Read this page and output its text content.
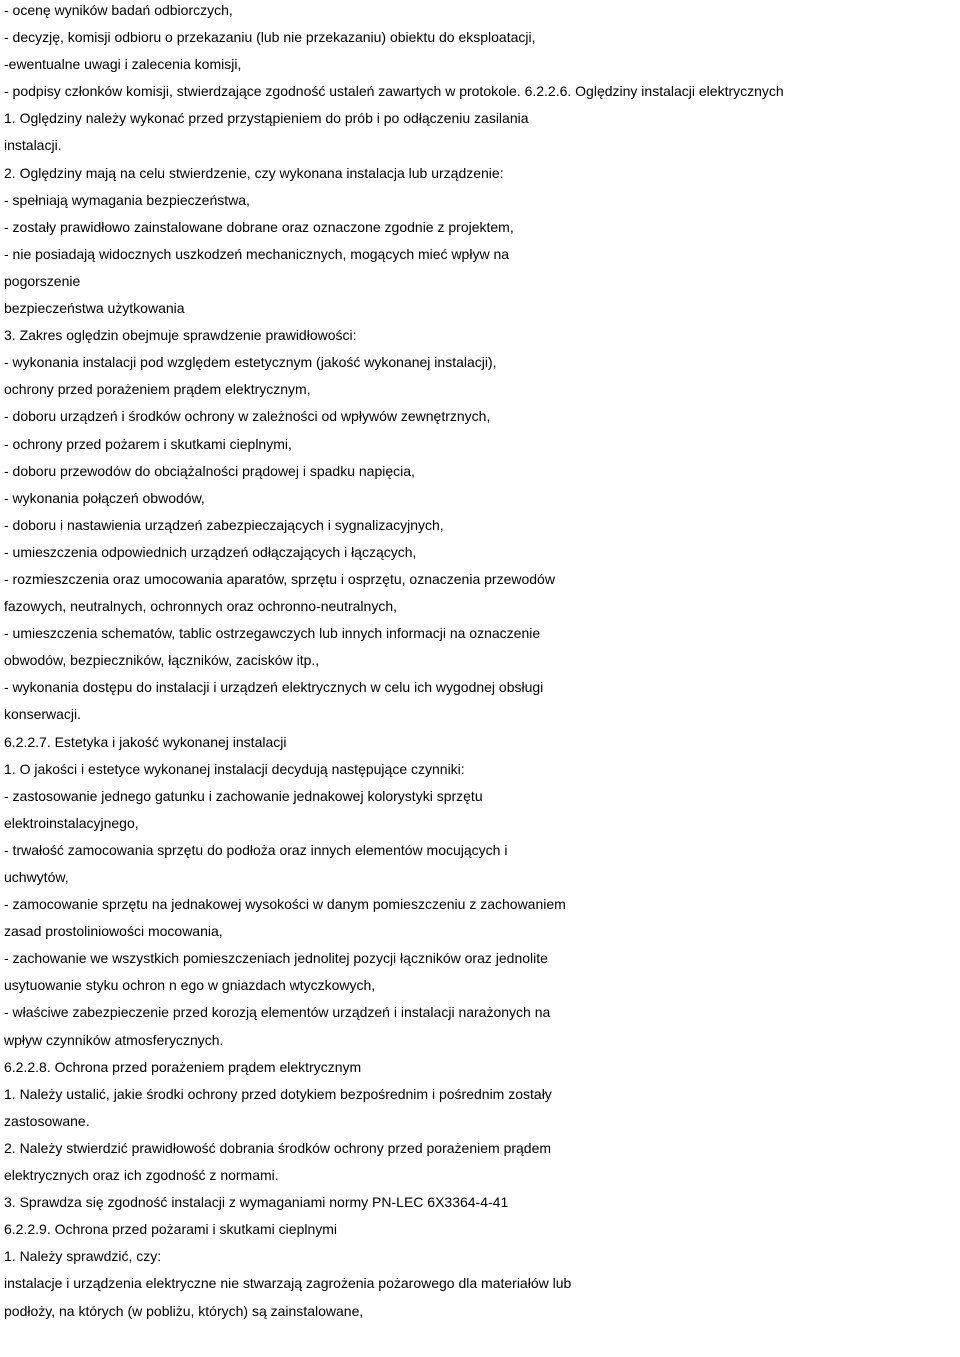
- ocenę wyników badań odbiorczych,
- decyzję, komisji odbioru o przekazaniu (lub nie przekazaniu) obiektu do eksploatacji,
-ewentualne uwagi i zalecenia komisji,
- podpisy członków komisji, stwierdzające zgodność ustaleń zawartych w protokole. 6.2.2.6. Oględziny instalacji elektrycznych
1. Oględziny należy wykonać przed przystąpieniem do prób i po odłączeniu zasilania
instalacji.
2. Oględziny mają na celu stwierdzenie, czy wykonana instalacja lub urządzenie:
- spełniają wymagania bezpieczeństwa,
- zostały prawidłowo zainstalowane dobrane oraz oznaczone zgodnie z projektem,
- nie posiadają widocznych uszkodzeń mechanicznych, mogących mieć wpływ na
pogorszenie
bezpieczeństwa użytkowania
3. Zakres oględzin obejmuje sprawdzenie prawidłowości:
- wykonania instalacji pod względem estetycznym (jakość wykonanej instalacji),
ochrony przed porażeniem prądem elektrycznym,
- doboru urządzeń i środków ochrony w zależności od wpływów zewnętrznych,
- ochrony przed pożarem i skutkami cieplnymi,
- doboru przewodów do obciążalności prądowej i spadku napięcia,
- wykonania połączeń obwodów,
- doboru i nastawienia urządzeń zabezpieczających i sygnalizacyjnych,
- umieszczenia odpowiednich urządzeń odłączających i łączących,
- rozmieszczenia oraz umocowania aparatów, sprzętu i osprzętu, oznaczenia przewodów
fazowych, neutralnych, ochronnych oraz ochronno-neutralnych,
- umieszczenia schematów, tablic ostrzegawczych lub innych informacji na oznaczenie
obwodów, bezpieczników, łączników, zacisków itp.,
- wykonania dostępu do instalacji i urządzeń elektrycznych w celu ich wygodnej obsługi
konserwacji.
6.2.2.7. Estetyka i jakość wykonanej instalacji
1. O jakości i estetyce wykonanej instalacji decydują następujące czynniki:
- zastosowanie jednego gatunku i zachowanie jednakowej kolorystyki sprzętu
elektroinstalacyjnego,
- trwałość zamocowania sprzętu do podłoża oraz innych elementów mocujących i
uchwytów,
- zamocowanie sprzętu na jednakowej wysokości w danym pomieszczeniu z zachowaniem
zasad prostoliniowości mocowania,
- zachowanie we wszystkich pomieszczeniach jednolitej pozycji łączników oraz jednolite
usytuowanie styku ochron n ego w gniazdach wtyczkowych,
- właściwe zabezpieczenie przed korozją elementów urządzeń i instalacji narażonych na
wpływ czynników atmosferycznych.
6.2.2.8. Ochrona przed porażeniem prądem elektrycznym
1. Należy ustalić, jakie środki ochrony przed dotykiem bezpośrednim i pośrednim zostały
zastosowane.
2. Należy stwierdzić prawidłowość dobrania środków ochrony przed porażeniem prądem
elektrycznych oraz ich zgodność z normami.
3. Sprawdza się zgodność instalacji z wymaganiami normy PN-LEC 6X3364-4-41
6.2.2.9. Ochrona przed pożarami i skutkami cieplnymi
1. Należy sprawdzić, czy:
instalacje i urządzenia elektryczne nie stwarzają zagrożenia pożarowego dla materiałów lub
podłoży, na których (w pobliżu, których) są zainstalowane,
